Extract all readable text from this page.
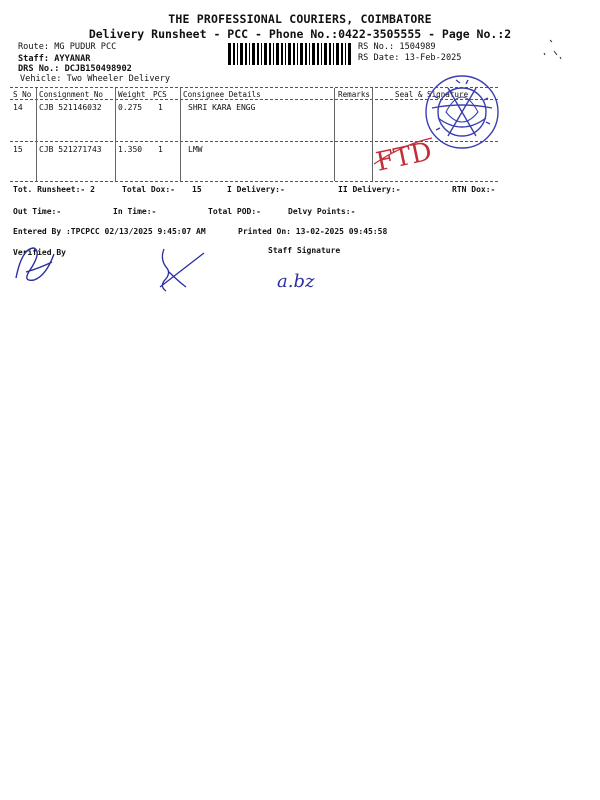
THE PROFESSIONAL COURIERS, COIMBATORE
Delivery Runsheet - PCC - Phone No.:0422-3505555 - Page No.:2
Route: MG PUDUR PCC
Staff: AYYANAR
DRS No.: DCJB150498902
Vehicle: Two Wheeler Delivery
RS No.: 1504989
RS Date: 13-Feb-2025
S No Consignment No Weight PCS Consignee Details	Remarks	Seal & Signature
14 CJB 521146032 0.275 1	SHRI KARA ENGG
15 CJB 521271743 1.350 1	LMW	FTD
Tot. Runsheet:- 2	Total Dox:- 15	I Delivery:-	II Delivery:-	RTN Dox:-
Out Time:-	In Time:-	Total POD:-	Delvy Points:-
Entered By :TPCPCC 02/13/2025 9:45:07 AM	Printed On: 13-02-2025 09:45:58
Verified By	Staff Signature
a.bz
